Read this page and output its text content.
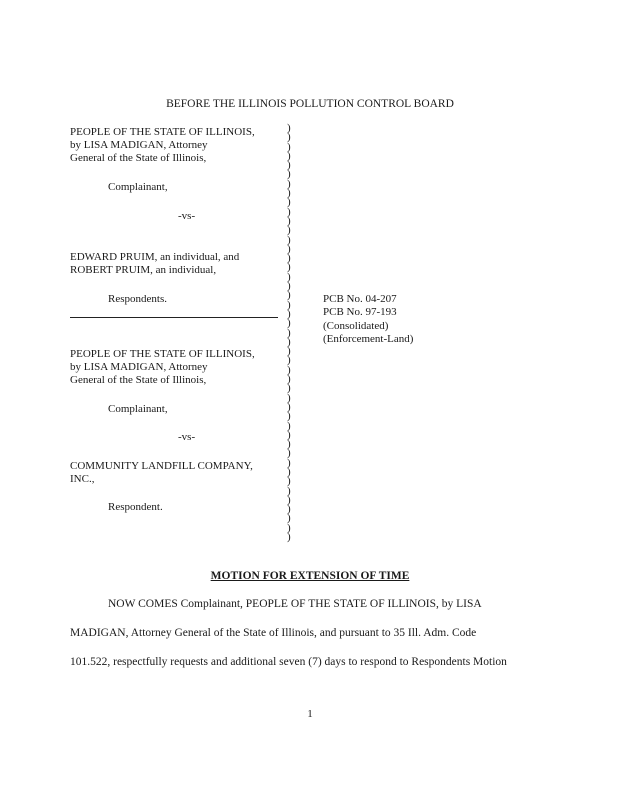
BEFORE THE ILLINOIS POLLUTION CONTROL BOARD
PEOPLE OF THE STATE OF ILLINOIS,
by LISA MADIGAN, Attorney
General of the State of Illinois,
Complainant,
-vs-
EDWARD PRUIM, an individual, and
ROBERT PRUIM, an individual,
Respondents.	PCB No. 04-207
PCB No. 97-193
(Consolidated)
(Enforcement-Land)
PEOPLE OF THE STATE OF ILLINOIS,
by LISA MADIGAN, Attorney
General of the State of Illinois,
Complainant,
-vs-
COMMUNITY LANDFILL COMPANY,
INC.,
Respondent.
)
)
)
)
)
)
)
)
)
)
)
)
)
)
)
)
)
)
)
)
)
)
)
)
)
)
)
)
)
)
)
)
)
)
)
)
)
)
)
)
)
)
)
)
)
MOTION FOR EXTENSION OF TIME
NOW COMES Complainant, PEOPLE OF THE STATE OF ILLINOIS, by LISA
MADIGAN, Attorney General of the State of Illinois, and pursuant to 35 Ill. Adm. Code
101.522, respectfully requests and additional seven (7) days to respond to Respondents Motion
1
